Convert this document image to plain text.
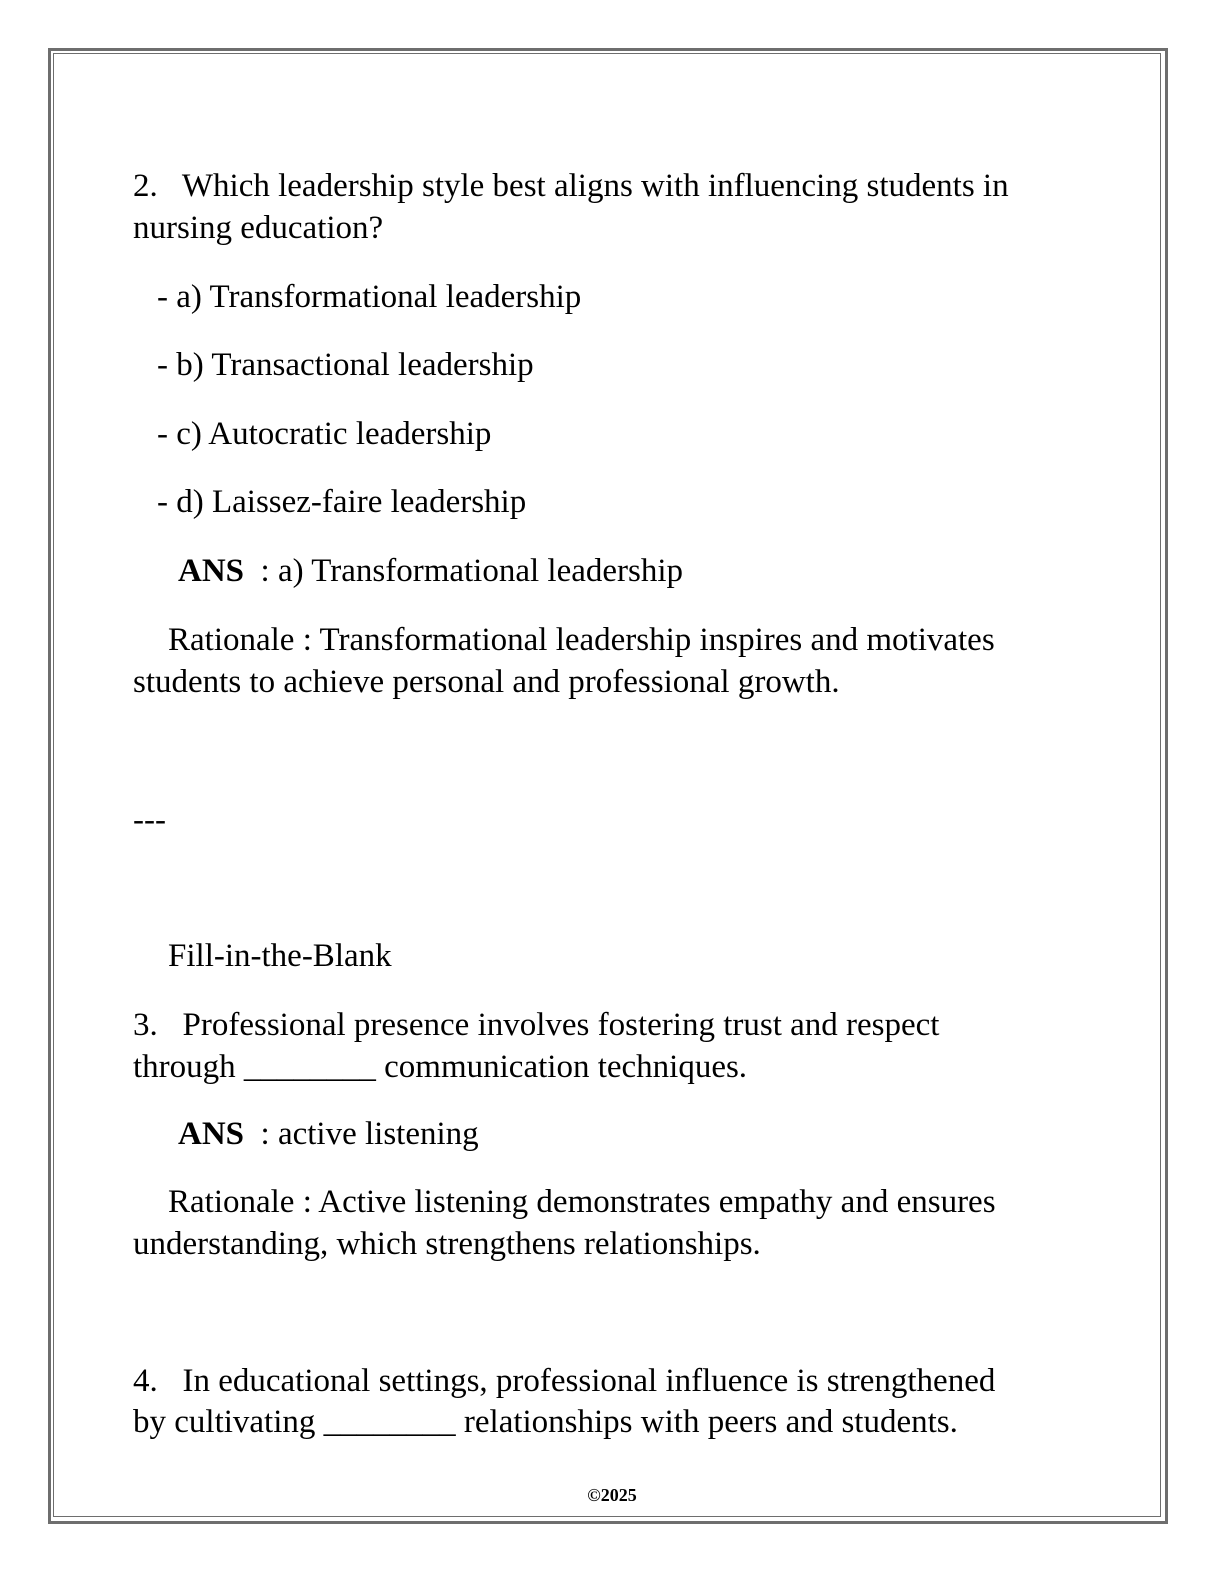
2.   Which leadership style best aligns with influencing students in
nursing education?
- a) Transformational leadership
- b) Transactional leadership
- c) Autocratic leadership
- d) Laissez-faire leadership
ANS  : a) Transformational leadership
Rationale : Transformational leadership inspires and motivates
students to achieve personal and professional growth.
---
Fill-in-the-Blank
3.   Professional presence involves fostering trust and respect
through ________ communication techniques.
ANS  : active listening
Rationale : Active listening demonstrates empathy and ensures
understanding, which strengthens relationships.
4.   In educational settings, professional influence is strengthened
by cultivating ________ relationships with peers and students.
©2025
